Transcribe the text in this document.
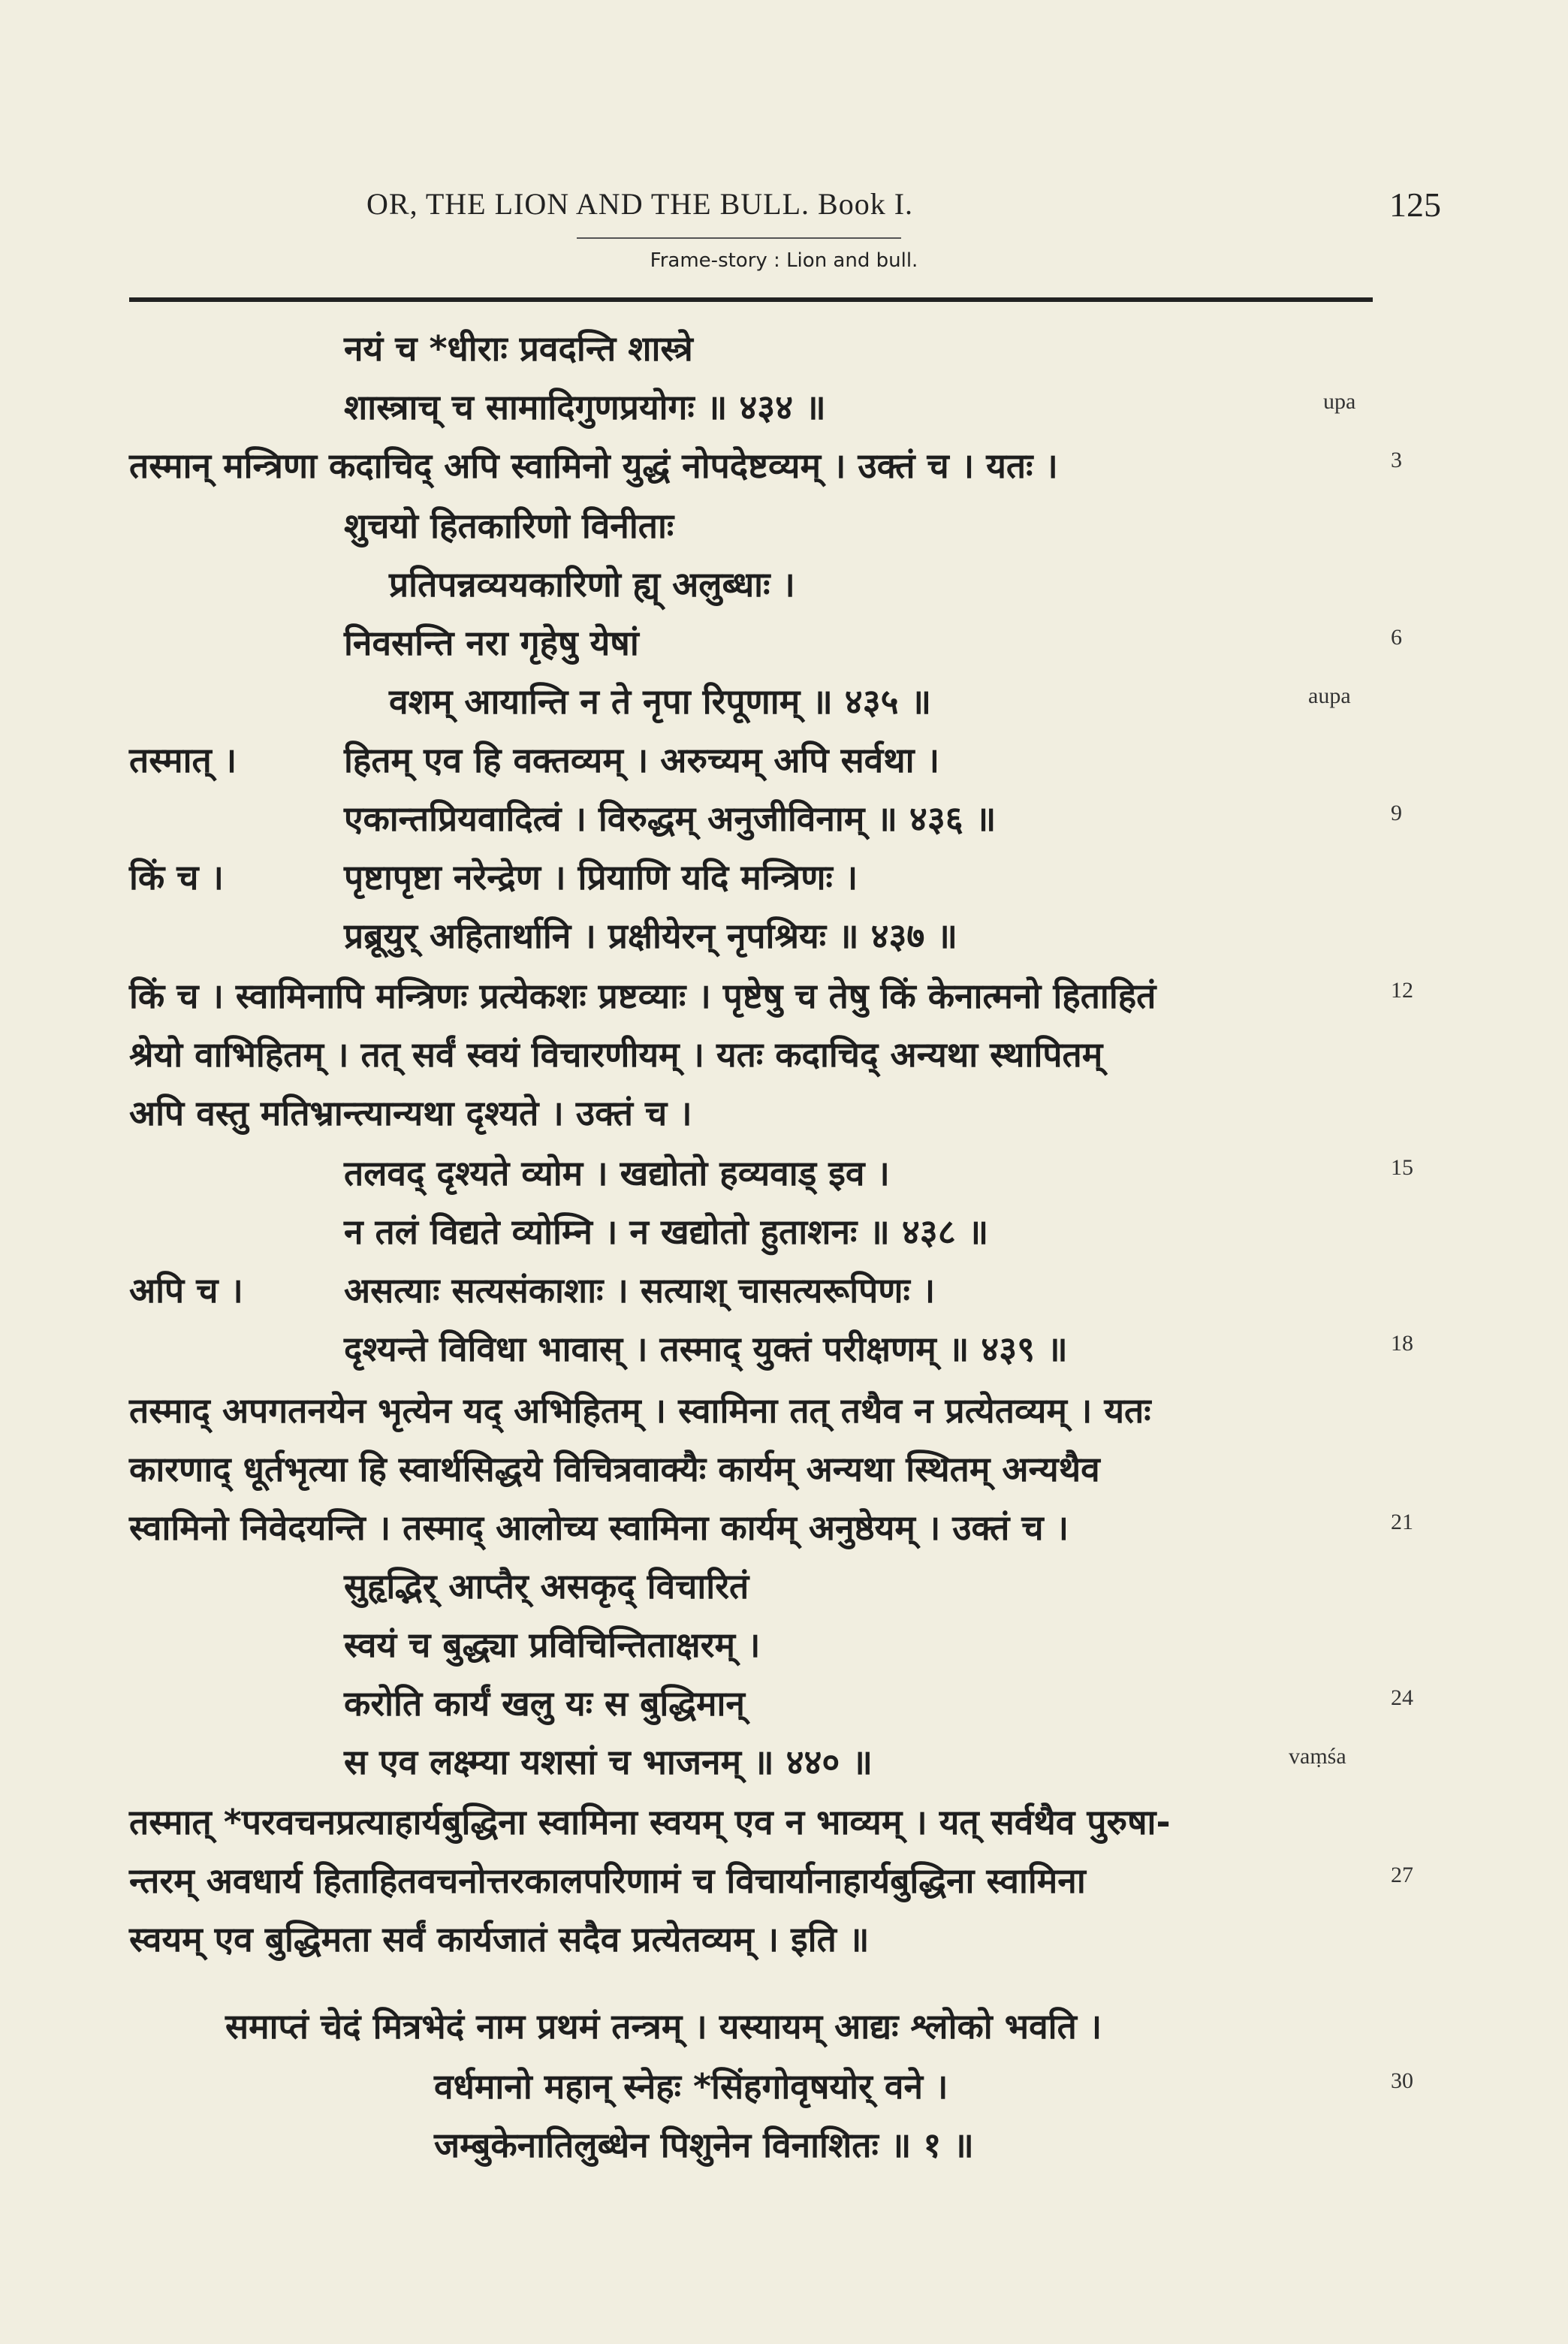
OR, THE LION AND THE BULL. Book I.	125
Frame-story : Lion and bull.
नयं च *धीराः प्रवदन्ति शास्त्रे
शास्त्राच् च सामादिगुणप्रयोगः ॥ ४३४ ॥
तस्मान् मन्त्रिणा कदाचिद् अपि स्वामिनो युद्धं नोपदेष्टव्यम् । उक्तं च । यतः ।
शुचयो हितकारिणो विनीताः
प्रतिपन्नव्ययकारिणो ह्य् अलुब्धाः ।
निवसन्ति नरा गृहेषु येषां
वशम् आयान्ति न ते नृपा रिपूणाम् ॥ ४३५ ॥
तस्मात् ।	हितम् एव हि वक्तव्यम् । अरुच्यम् अपि सर्वथा ।
एकान्तप्रियवादित्वं । विरुद्धम् अनुजीविनाम् ॥ ४३६ ॥
किं च ।	पृष्टापृष्टा नरेन्द्रेण । प्रियाणि यदि मन्त्रिणः ।
प्रब्रूयुर् अहितार्थानि । प्रक्षीयेरन् नृपश्रियः ॥ ४३७ ॥
किं च । स्वामिनापि मन्त्रिणः प्रत्येकशः प्रष्टव्याः । पृष्टेषु च तेषु किं केनात्मनो हिताहितं
श्रेयो वाभिहितम् । तत् सर्वं स्वयं विचारणीयम् । यतः कदाचिद् अन्यथा स्थापितम्
अपि वस्तु मतिभ्रान्त्यान्यथा दृश्यते । उक्तं च ।
तलवद् दृश्यते व्योम । खद्योतो हव्यवाड् इव ।
न तलं विद्यते व्योम्नि । न खद्योतो हुताशनः ॥ ४३८ ॥
अपि च ।	असत्याः सत्यसंकाशाः । सत्याश् चासत्यरूपिणः ।
दृश्यन्ते विविधा भावास् । तस्माद् युक्तं परीक्षणम् ॥ ४३९ ॥
तस्माद् अपगतनयेन भृत्येन यद् अभिहितम् । स्वामिना तत् तथैव न प्रत्येतव्यम् । यतः
कारणाद् धूर्तभृत्या हि स्वार्थसिद्धये विचित्रवाक्यैः कार्यम् अन्यथा स्थितम् अन्यथैव
स्वामिनो निवेदयन्ति । तस्माद् आलोच्य स्वामिना कार्यम् अनुष्ठेयम् । उक्तं च ।
सुहृद्भिर् आप्तैर् असकृद् विचारितं
स्वयं च बुद्ध्या प्रविचिन्तिताक्षरम् ।
करोति कार्यं खलु यः स बुद्धिमान्
स एव लक्ष्म्या यशसां च भाजनम् ॥ ४४० ॥
तस्मात् *परवचनप्रत्याहार्यबुद्धिना स्वामिना स्वयम् एव न भाव्यम् । यत् सर्वथैव पुरुषा-
न्तरम् अवधार्य हिताहितवचनोत्तरकालपरिणामं च विचार्यानाहार्यबुद्धिना स्वामिना
स्वयम् एव बुद्धिमता सर्वं कार्यजातं सदैव प्रत्येतव्यम् । इति ॥
समाप्तं चेदं मित्रभेदं नाम प्रथमं तन्त्रम् । यस्यायम् आद्यः श्लोको भवति ।
वर्धमानो महान् स्नेहः *सिंहगोवृषयोर् वने ।
जम्बुकेनातिलुब्धेन पिशुनेन विनाशितः ॥ १ ॥
3
6
9
12
15
18
21
24
27
30
upa
aupa
vaṃśa
